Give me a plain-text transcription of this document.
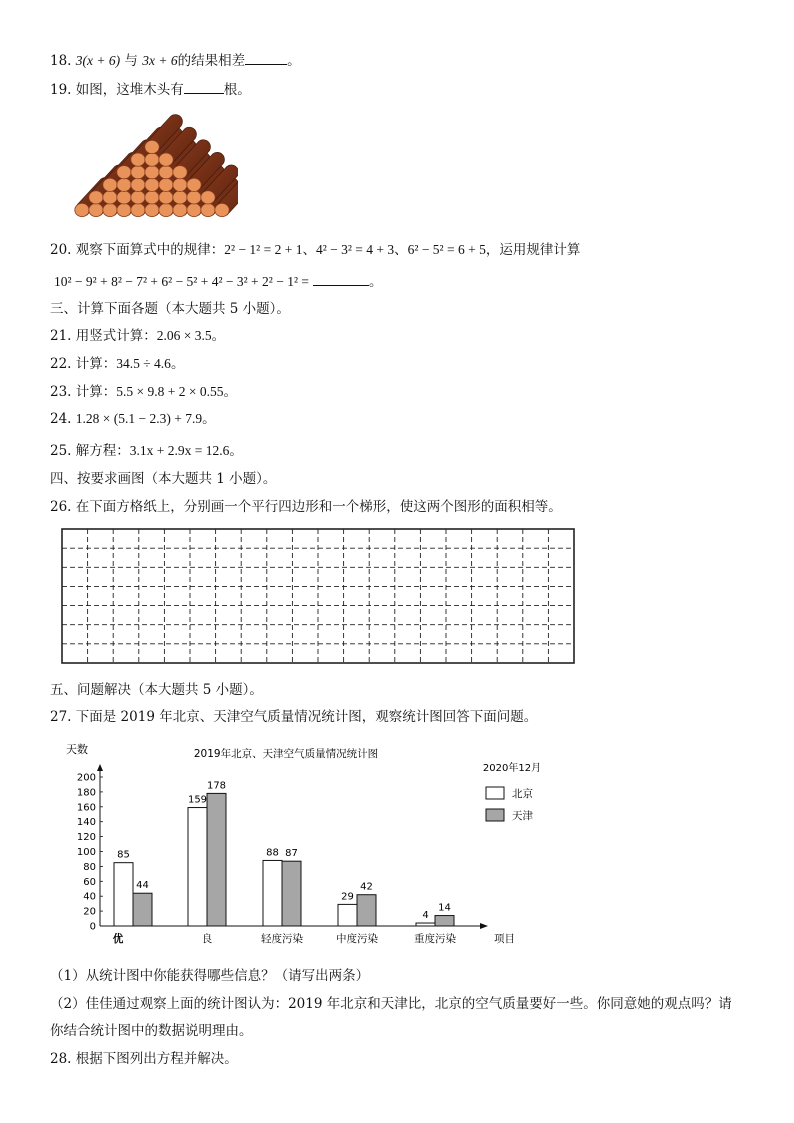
18. 3(x + 6) 与 3x + 6的结果相差	。
19. 如图，这堆木头有	根。
20. 观察下面算式中的规律：2² − 1² = 2 + 1、4² − 3² = 4 + 3、6² − 5² = 6 + 5，运用规律计算
10² − 9² + 8² − 7² + 6² − 5² + 4² − 3² + 2² − 1² =	。
三、计算下面各题（本大题共 5 小题）。
21. 用竖式计算：2.06 × 3.5。
22. 计算：34.5 ÷ 4.6。
23. 计算：5.5 × 9.8 + 2 × 0.55。
24. 1.28 × (5.1 − 2.3) + 7.9。
25. 解方程：3.1x + 2.9x = 12.6。
四、按要求画图（本大题共 1 小题）。
26. 在下面方格纸上，分别画一个平行四边形和一个梯形，使这两个图形的面积相等。
五、问题解决（本大题共 5 小题）。
27. 下面是 2019 年北京、天津空气质量情况统计图，观察统计图回答下面问题。
天数	2019年北京、天津空气质量情况统计图
2020年12月
0
20
40
60
80
100
120
140
160
180
200
优	良	轻度污染	中度污染	重度污染	项目
85
44
159
178
88 87
29
42
4
14
北京
天津
（1）从统计图中你能获得哪些信息？（请写出两条）
（2）佳佳通过观察上面的统计图认为：2019 年北京和天津比，北京的空气质量要好一些。你同意她的观点吗？请
你结合统计图中的数据说明理由。
28. 根据下图列出方程并解决。
